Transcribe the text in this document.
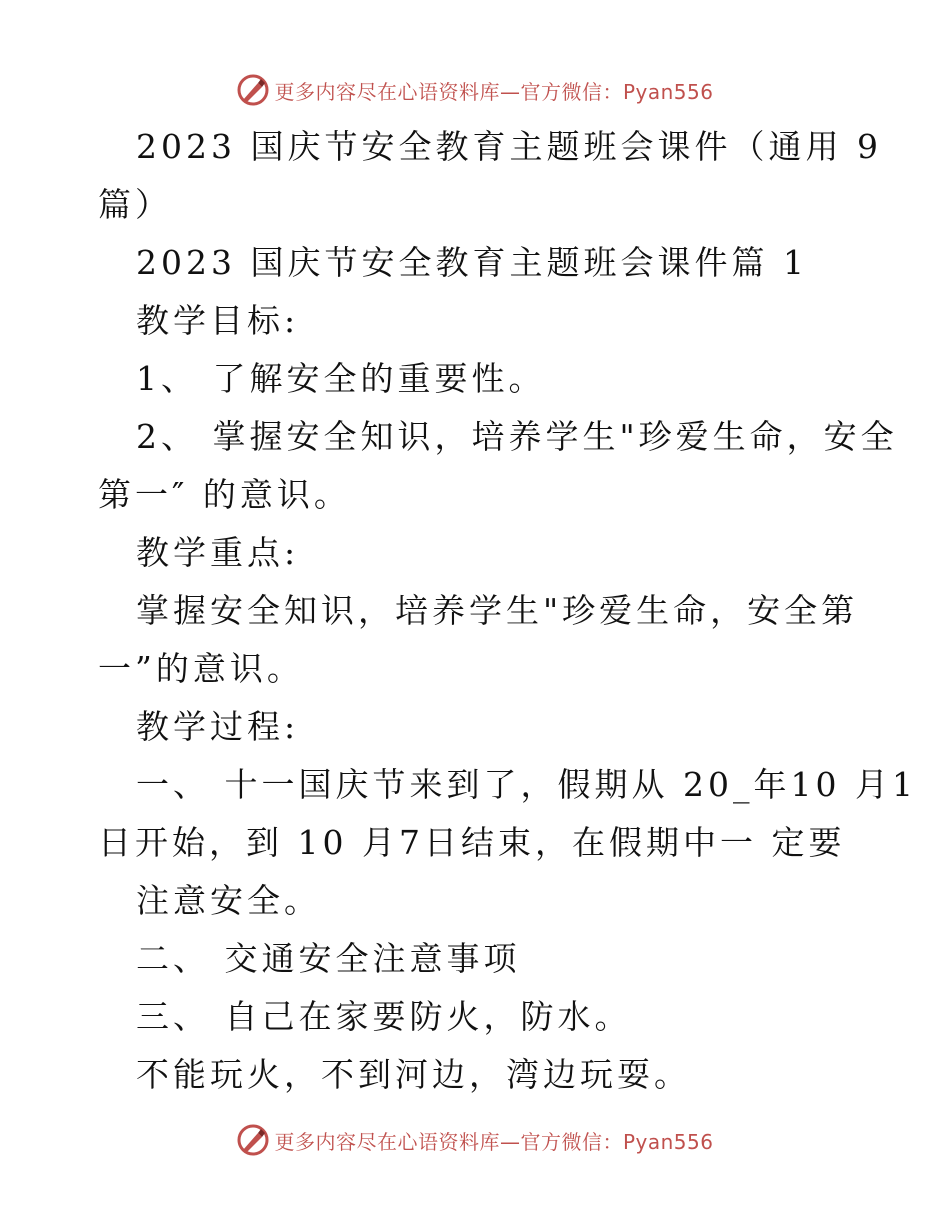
更多内容尽在心语资料库—官方微信：Pyan556
2023 国庆节安全教育主题班会课件（通用 9
篇）
2023 国庆节安全教育主题班会课件篇 1
教学目标:
1、 了解安全的重要性。
2、 掌握安全知识，培养学生"珍爱生命，安全
第一″ 的意识。
教学重点:
掌握安全知识，培养学生"珍爱生命，安全第
一”的意识。
教学过程:
一、 十一国庆节来到了，假期从 20_年10 月1
日开始，到 10 月7日结束，在假期中一 定要
注意安全。
二、 交通安全注意事项
三、 自己在家要防火，防水。
不能玩火，不到河边，湾边玩耍。
更多内容尽在心语资料库—官方微信：Pyan556
